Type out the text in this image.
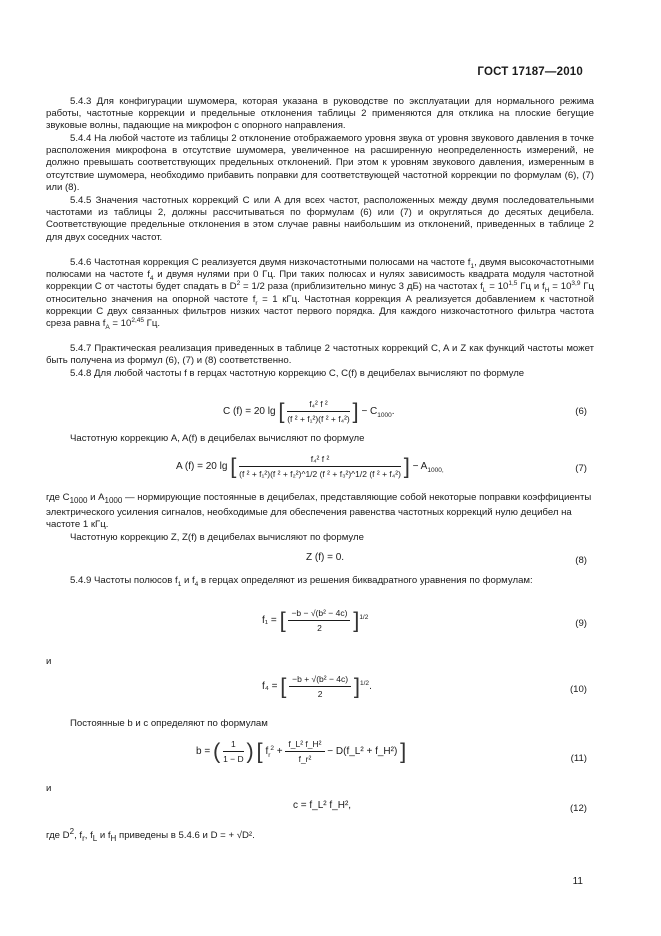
ГОСТ 17187—2010

5.4.3 Для конфигурации шумомера, которая указана в руководстве по эксплуатации для нормального режима работы, частотные коррекции и предельные отклонения таблицы 2 применяются для отклика на плоские бегущие звуковые волны, падающие на микрофон с опорного направления.

5.4.4 На любой частоте из таблицы 2 отклонение отображаемого уровня звука от уровня звукового давления в точке расположения микрофона в отсутствие шумомера, увеличенное на расширенную неопределенность измерений, не должно превышать соответствующих предельных отклонений. При этом к уровням звукового давления, измеренным в отсутствие шумомера, необходимо прибавить поправки для соответствующей частотной коррекции по формулам (6), (7) или (8).

5.4.5 Значения частотных коррекций C или A для всех частот, расположенных между двумя последовательными частотами из таблицы 2, должны рассчитываться по формулам (6) или (7) и округляться до десятых децибела. Соответствующие предельные отклонения в этом случае равны наибольшим из отклонений, приведенных в таблице 2 для двух соседних частот.

5.4.6 Частотная коррекция C реализуется двумя низкочастотными полюсами на частоте $f_1$, двумя высокочастотными полюсами на частоте $f_4$ и двумя нулями при 0 Гц. При таких полюсах и нулях зависимость квадрата модуля частотной коррекции C от частоты будет спадать в $D^2 = 1/2$ раза (приблизительно минус 3 дБ) на частотах $f_L = 10^{1,5}$ Гц и $f_H = 10^{3,9}$ Гц относительно значения на опорной частоте $f_r = 1$ кГц. Частотная коррекция A реализуется добавлением к частотной коррекции C двух связанных фильтров низких частот первого порядка. Для каждого низкочастотного фильтра частота среза равна $f_A = 10^{2,45}$ Гц.

5.4.7 Практическая реализация приведенных в таблице 2 частотных коррекций C, A и Z как функций частоты может быть получена из формул (6), (7) и (8) соответственно.

5.4.8 Для любой частоты f в герцах частотную коррекцию C, C(f) в децибелах вычисляют по формуле

C (f) = 20 lg [ $\frac{\text{f₄² f ²}}{\text{(f ² + f₁²)(f ² + f₄²)}}$ ] − $C_{1000}$.	(6)
Частотную коррекцию A, A(f) в децибелах вычисляют по формуле
A (f) = 20 lg [ $\frac{\text{f₄² f ²}}{\text{(f ² + f₁²)(f ² + f₂²)\textasciicircum{}1/2 (f ² + f₃²)\textasciicircum{}1/2 (f ² + f₄²)}}$ ] − $A_{1000,}$	(7)
где $C_{1000}$ и $A_{1000}$ — нормирующие постоянные в децибелах, представляющие собой некоторые поправки коэффициенты электрического усиления сигналов, необходимые для обеспечения равенства частотных коррекций нулю децибел на частоте 1 кГц.
Частотную коррекцию Z, Z(f) в децибелах вычисляют по формуле
Z (f) = 0.	(8)

5.4.9 Частоты полюсов $f_1$ и $f_4$ в герцах определяют из решения биквадратного уравнения по формулам:

f₁ = [ $\frac{\text{−b − √(b² − 4c)}}{2} ]^{1/2}$
(9)
и
f₄ = [ $\frac{\text{−b + √(b² − 4c)}}{2} ]^{1/2}$.	(10)
Постоянные b и c определяют по формулам
b = ( $\frac{1}{1 - D}$ ) [ $f_r^2 + \frac{\text{f\_L² f\_H²}}{\text{f\_r²}}$ − D(f_L² + f_H²) ]	(11)
и
c = f_L² f_H²,	(12)
где $D^2$, $f_r$, $f_L$ и $f_H$ приведены в 5.4.6 и D = + √D².
11
